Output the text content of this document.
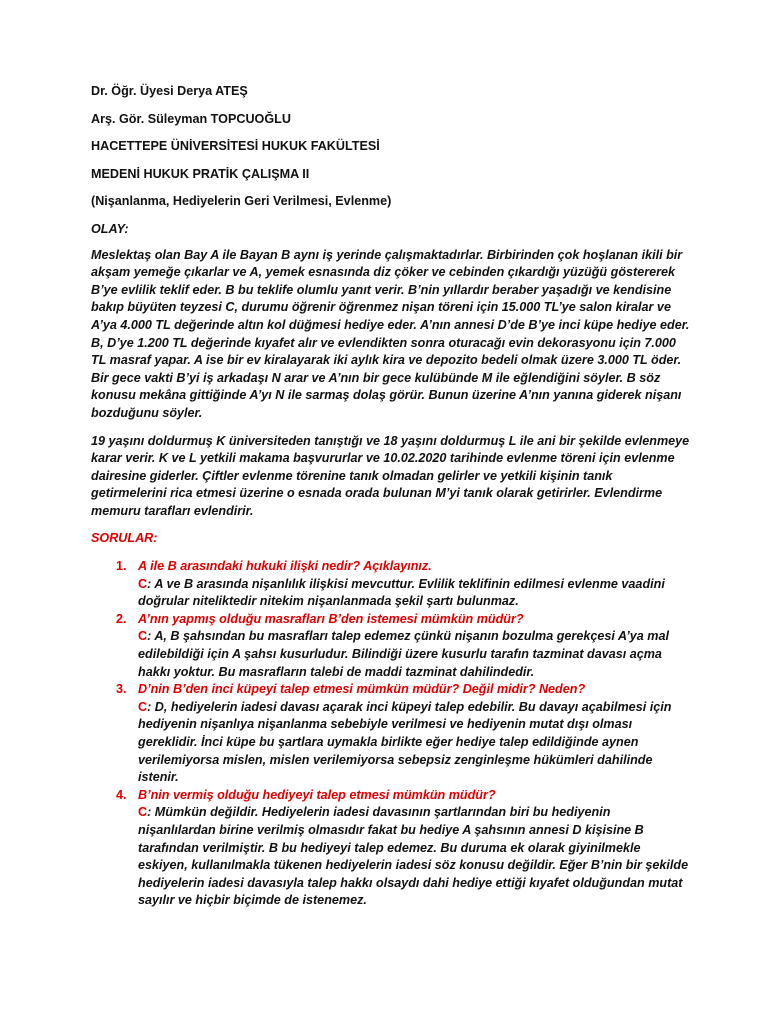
Dr. Öğr. Üyesi Derya ATEŞ
Arş. Gör. Süleyman TOPCUOĞLU
HACETTEPE ÜNİVERSİTESİ HUKUK FAKÜLTESİ
MEDENİ HUKUK PRATİK ÇALIŞMA II
(Nişanlanma, Hediyelerin Geri Verilmesi, Evlenme)
OLAY:
Meslektaş olan Bay A ile Bayan B aynı iş yerinde çalışmaktadırlar. Birbirinden çok hoşlanan ikili bir akşam yemeğe çıkarlar ve A, yemek esnasında diz çöker ve cebinden çıkardığı yüzüğü göstererek B’ye evlilik teklif eder. B bu teklife olumlu yanıt verir. B’nin yıllardır beraber yaşadığı ve kendisine bakıp büyüten teyzesi C, durumu öğrenir öğrenmez nişan töreni için 15.000 TL’ye salon kiralar ve A’ya 4.000 TL değerinde altın kol düğmesi hediye eder. A’nın annesi D’de B’ye inci küpe hediye eder. B, D’ye 1.200 TL değerinde kıyafet alır ve evlendikten sonra oturacağı evin dekorasyonu için 7.000 TL masraf yapar. A ise bir ev kiralayarak iki aylık kira ve depozito bedeli olmak üzere 3.000 TL öder. Bir gece vakti B’yi iş arkadaşı N arar ve A’nın bir gece kulübünde M ile eğlendiğini söyler. B söz konusu mekâna gittiğinde A’yı N ile sarmaş dolaş görür. Bunun üzerine A’nın yanına giderek nişanı bozduğunu söyler.
19 yaşını doldurmuş K üniversiteden tanıştığı ve 18 yaşını doldurmuş L ile ani bir şekilde evlenmeye karar verir. K ve L yetkili makama başvururlar ve 10.02.2020 tarihinde evlenme töreni için evlenme dairesine giderler. Çiftler evlenme törenine tanık olmadan gelirler ve yetkili kişinin tanık getirmelerini rica etmesi üzerine o esnada orada bulunan M’yi tanık olarak getirirler. Evlendirme memuru tarafları evlendirir.
SORULAR:
1. A ile B arasındaki hukuki ilişki nedir? Açıklayınız.
C: A ve B arasında nişanlılık ilişkisi mevcuttur. Evlilik teklifinin edilmesi evlenme vaadini doğrular niteliktedir nitekim nişanlanmada şekil şartı bulunmaz.
2. A’nın yapmış olduğu masrafları B’den istemesi mümkün müdür?
C: A, B şahsından bu masrafları talep edemez çünkü nişanın bozulma gerekçesi A’ya mal edilebildiği için A şahsı kusurludur. Bilindiği üzere kusurlu tarafın tazminat davası açma hakkı yoktur. Bu masrafların talebi de maddi tazminat dahilindedir.
3. D’nin B’den inci küpeyi talep etmesi mümkün müdür? Değil midir? Neden?
C: D, hediyelerin iadesi davası açarak inci küpeyi talep edebilir. Bu davayı açabilmesi için hediyenin nişanlıya nişanlanma sebebiyle verilmesi ve hediyenin mutat dışı olması gereklidir. İnci küpe bu şartlara uymakla birlikte eğer hediye talep edildiğinde aynen verilemiyorsa mislen, mislen verilemiyorsa sebepsiz zenginleşme hükümleri dahilinde istenir.
4. B’nin vermiş olduğu hediyeyi talep etmesi mümkün müdür?
C: Mümkün değildir. Hediyelerin iadesi davasının şartlarından biri bu hediyenin nişanlılardan birine verilmiş olmasıdır fakat bu hediye A şahsının annesi D kişisine B tarafından verilmiştir. B bu hediyeyi talep edemez. Bu duruma ek olarak giyinilmekle eskiyen, kullanılmakla tükenen hediyelerin iadesi söz konusu değildir. Eğer B’nin bir şekilde hediyelerin iadesi davasıyla talep hakkı olsaydı dahi hediye ettiği kıyafet olduğundan mutat sayılır ve hiçbir biçimde de istenemez.
